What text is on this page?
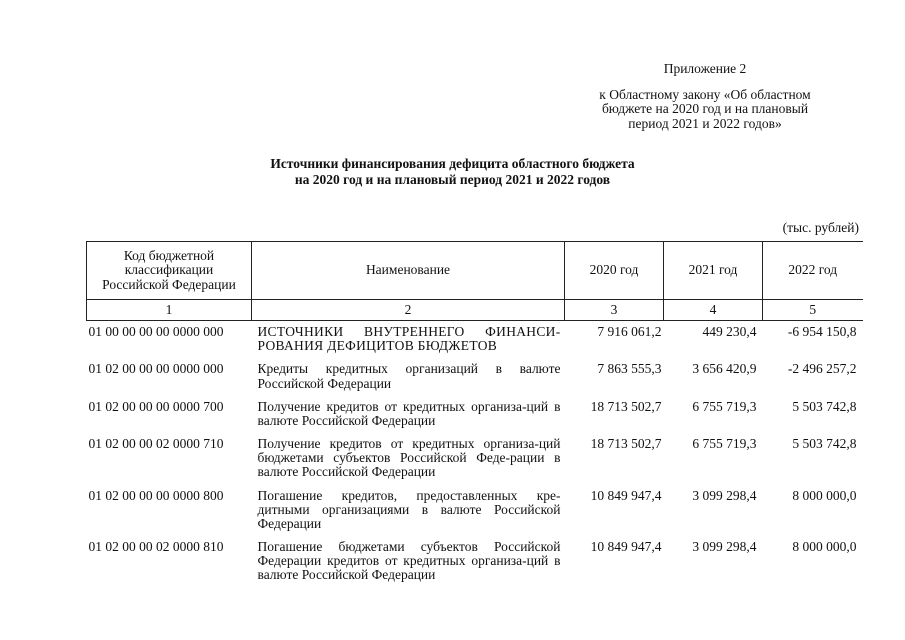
Приложение 2
к Областному закону «Об областном
бюджете на 2020 год и на плановый
период 2021 и 2022 годов»
Источники финансирования дефицита областного бюджета
на 2020 год и на плановый период 2021 и 2022 годов
(тыс. рублей)
Код бюджетной классификации Российской Федерации	Наименование	2020 год	2021 год	2022 год
1	2	3	4	5
01 00 00 00 00 0000 000	ИСТОЧНИКИ ВНУТРЕННЕГО ФИНАНСИ-РОВАНИЯ ДЕФИЦИТОВ БЮДЖЕТОВ	7 916 061,2	449 230,4	-6 954 150,8
01 02 00 00 00 0000 000	Кредиты кредитных организаций в валюте Российской Федерации	7 863 555,3	3 656 420,9	-2 496 257,2
01 02 00 00 00 0000 700	Получение кредитов от кредитных организа-ций в валюте Российской Федерации	18 713 502,7	6 755 719,3	5 503 742,8
01 02 00 00 02 0000 710	Получение кредитов от кредитных организа-ций бюджетами субъектов Российской Феде-рации в валюте Российской Федерации	18 713 502,7	6 755 719,3	5 503 742,8
01 02 00 00 00 0000 800	Погашение кредитов, предоставленных кре-дитными организациями в валюте Российской Федерации	10 849 947,4	3 099 298,4	8 000 000,0
01 02 00 00 02 0000 810	Погашение бюджетами субъектов Российской Федерации кредитов от кредитных организа-ций в валюте Российской Федерации	10 849 947,4	3 099 298,4	8 000 000,0
